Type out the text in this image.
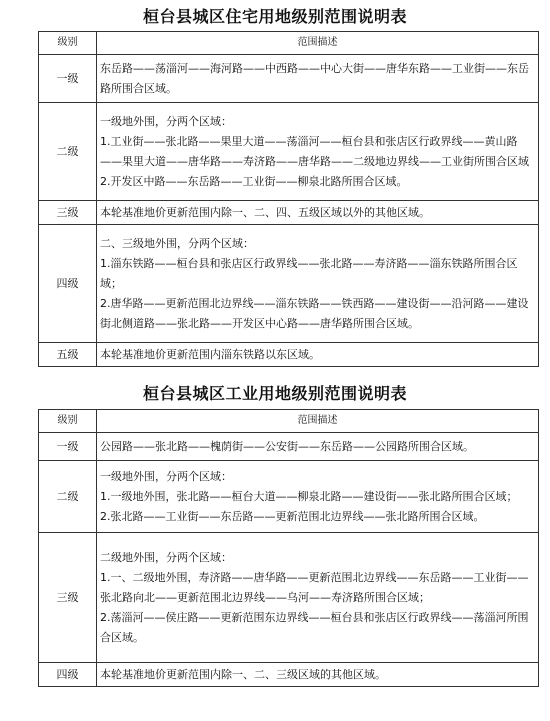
桓台县城区住宅用地级别范围说明表
级别	范围描述
一级	东岳路——荡淄河——海河路——中西路——中心大街——唐华东路——工业街——东岳路所围合区域。

二级	一级地外围，分两个区域：
1.工业街——张北路——果里大道——荡淄河——桓台县和张店区行政界线——黄山路——果里大道——唐华路——寿济路——唐华路——二级地边界线——工业街所围合区域
2.开发区中路——东岳路——工业街——柳泉北路所围合区域。

三级	本轮基准地价更新范围内除一、二、四、五级区域以外的其他区域。

四级	二、三级地外围，分两个区域：
1.淄东铁路——桓台县和张店区行政界线——张北路——寿济路——淄东铁路所围合区域；
2.唐华路——更新范围北边界线——淄东铁路——铁西路——建设街——沿河路——建设街北侧道路——张北路——开发区中心路——唐华路所围合区域。

五级	本轮基准地价更新范围内淄东铁路以东区域。
桓台县城区工业用地级别范围说明表
级别	范围描述
一级	公园路——张北路——槐荫街——公安街——东岳路——公园路所围合区域。

二级	一级地外围，分两个区域：
1.一级地外围，张北路——桓台大道——柳泉北路——建设街——张北路所围合区域；
2.张北路——工业街——东岳路——更新范围北边界线——张北路所围合区域。

三级	二级地外围，分两个区域：
1.一、二级地外围，寿济路——唐华路——更新范围北边界线——东岳路——工业街——张北路向北——更新范围北边界线——乌河——寿济路所围合区域；
2.荡淄河——侯庄路——更新范围东边界线——桓台县和张店区行政界线——荡淄河所围合区域。

四级	本轮基准地价更新范围内除一、二、三级区域的其他区域。
